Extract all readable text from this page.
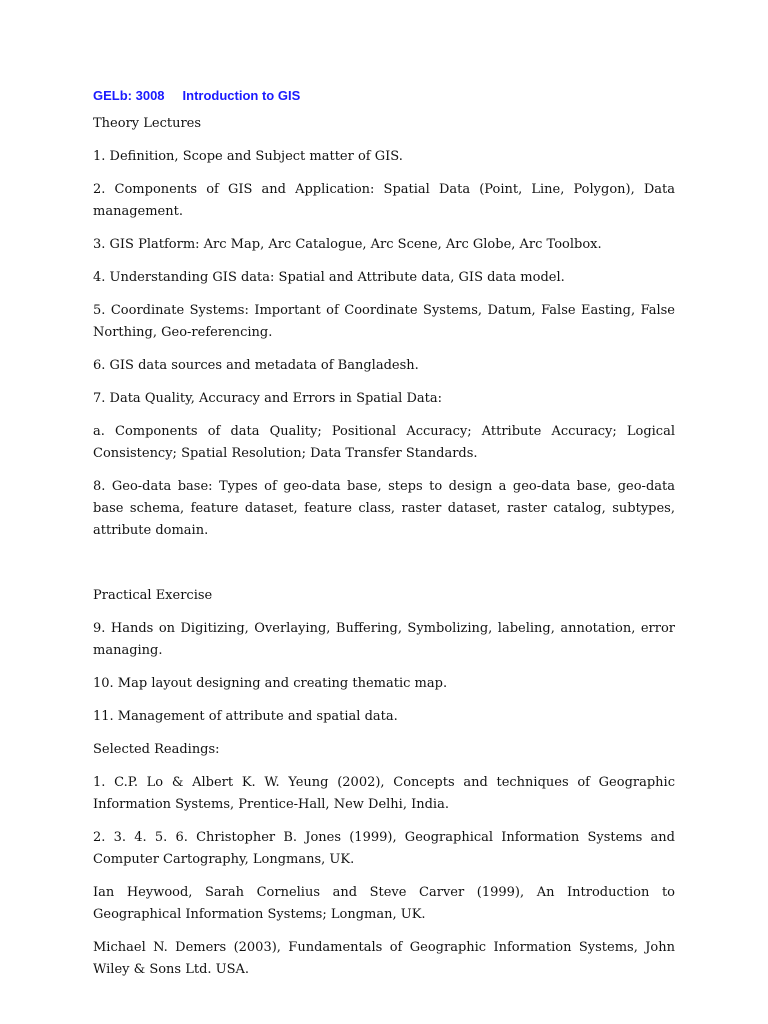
GELb: 3008 Introduction to GIS

Theory Lectures

1. Definition, Scope and Subject matter of GIS.

2. Components of GIS and Application: Spatial Data (Point, Line, Polygon), Data management.

3. GIS Platform: Arc Map, Arc Catalogue, Arc Scene, Arc Globe, Arc Toolbox.

4. Understanding GIS data: Spatial and Attribute data, GIS data model.

5. Coordinate Systems: Important of Coordinate Systems, Datum, False Easting, False Northing, Geo-referencing.

6. GIS data sources and metadata of Bangladesh.

7. Data Quality, Accuracy and Errors in Spatial Data:

a. Components of data Quality; Positional Accuracy; Attribute Accuracy; Logical Consistency; Spatial Resolution; Data Transfer Standards.

8. Geo-data base: Types of geo-data base, steps to design a geo-data base, geo-data base schema, feature dataset, feature class, raster dataset, raster catalog, subtypes, attribute domain.

Practical Exercise

9. Hands on Digitizing, Overlaying, Buffering, Symbolizing, labeling, annotation, error managing.

10. Map layout designing and creating thematic map.

11. Management of attribute and spatial data.

Selected Readings:

1. C.P. Lo & Albert K. W. Yeung (2002), Concepts and techniques of Geographic Information Systems, Prentice-Hall, New Delhi, India.

2. 3. 4. 5. 6. Christopher B. Jones (1999), Geographical Information Systems and Computer Cartography, Longmans, UK.

Ian Heywood, Sarah Cornelius and Steve Carver (1999), An Introduction to Geographical Information Systems; Longman, UK.

Michael N. Demers (2003), Fundamentals of Geographic Information Systems, John Wiley & Sons Ltd. USA.
